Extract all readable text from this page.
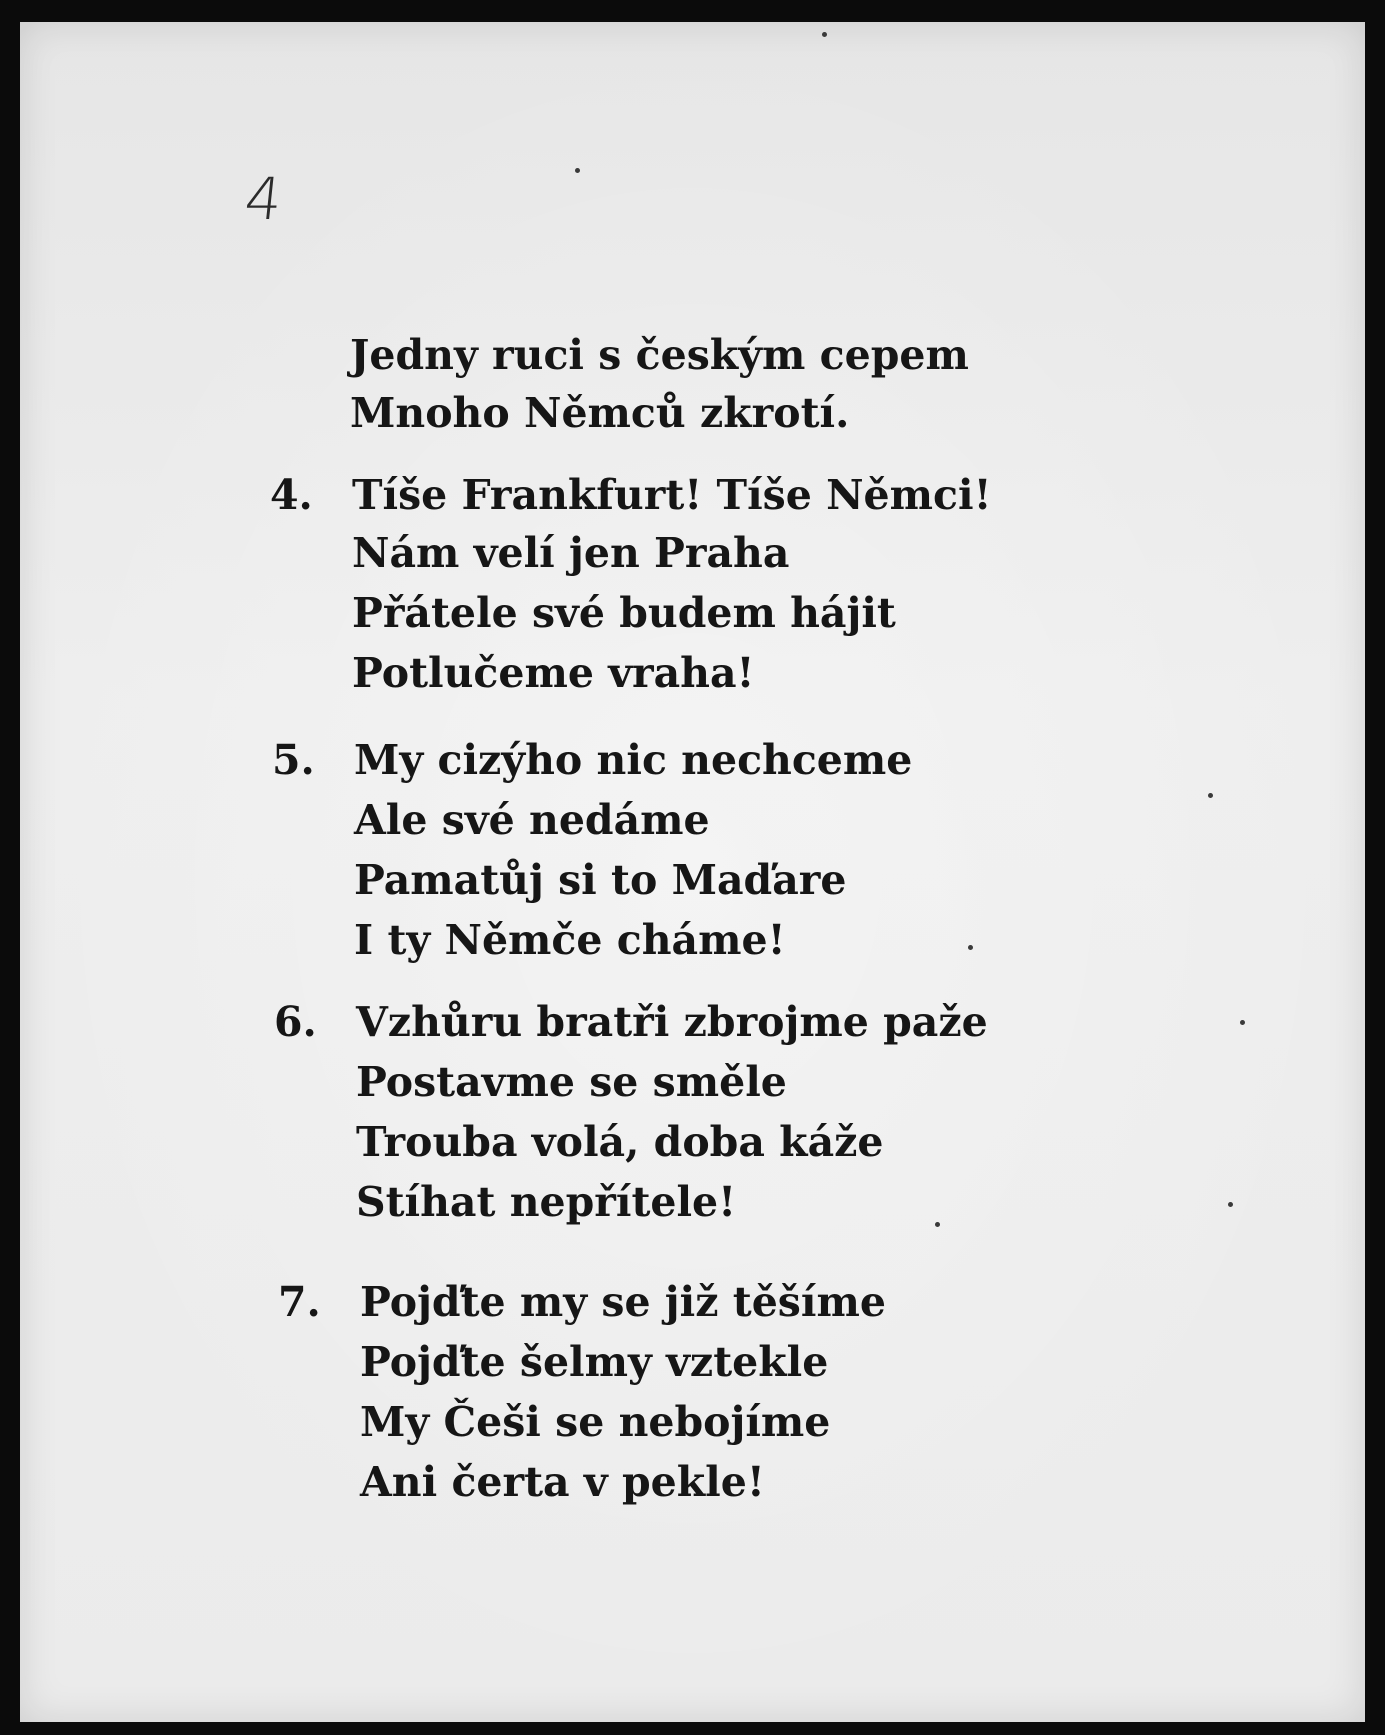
4
Jedny ruci s českým cepem
Mnoho Němců zkrotí.
4. Tíše Frankfurt! Tíše Němci!
Nám velí jen Praha
Přátele své budem hájit
Potlučeme vraha!
5. My cizýho nic nechceme
Ale své nedáme
Pamatůj si to Maďare
I ty Němče cháme!
6. Vzhůru bratři zbrojme paže
Postavme se směle
Trouba volá, doba káže
Stíhat nepřítele!
7. Pojďte my se již těšíme
Pojďte šelmy vztekle
My Češi se nebojíme
Ani čerta v pekle!
